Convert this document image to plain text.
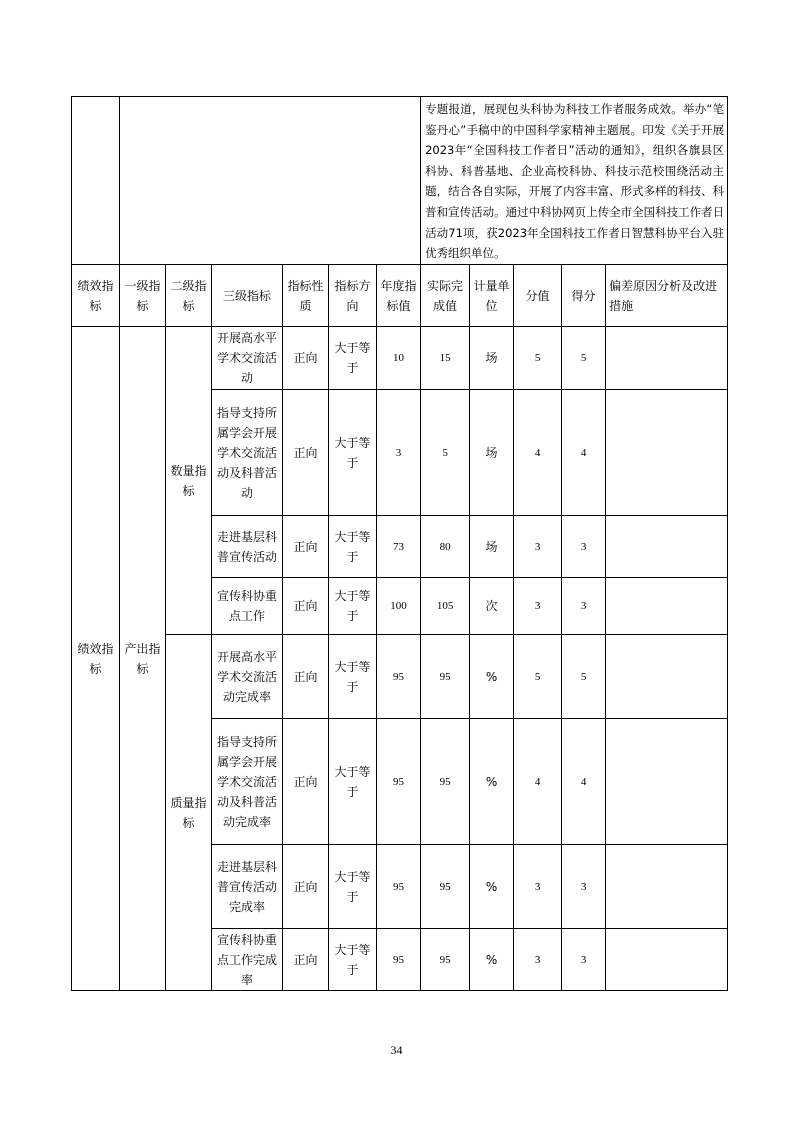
							专题报道，展现包头科协为科技工作者服务成效。举办“笔鉴丹心”手稿中的中国科学家精神主题展。印发《关于开展2023年“全国科技工作者日”活动的通知》，组织各旗县区科协、科普基地、企业高校科协、科技示范校围绕活动主题，结合各自实际，开展了内容丰富、形式多样的科技、科普和宣传活动。通过中科协网页上传全市全国科技工作者日活动71项，获2023年全国科技工作者日智慧科协平台入驻优秀组织单位。				
绩效指标	一级指标	二级指标	三级指标	指标性质	指标方向	年度指标值	实际完成值	计量单位	分值	得分	偏差原因分析及改进措施
绩效指标	产出指标	数量指标	开展高水平学术交流活动	正向	大于等于	10	15	场	5	5	
			指导支持所属学会开展学术交流活动及科普活动	正向	大于等于	3	5	场	4	4	
			走进基层科普宣传活动	正向	大于等于	73	80	场	3	3	
			宣传科协重点工作	正向	大于等于	100	105	次	3	3	
		质量指标	开展高水平学术交流活动完成率	正向	大于等于	95	95	%	5	5	
			指导支持所属学会开展学术交流活动及科普活动完成率	正向	大于等于	95	95	%	4	4	
			走进基层科普宣传活动完成率	正向	大于等于	95	95	%	3	3	
			宣传科协重点工作完成率	正向	大于等于	95	95	%	3	3	
34
